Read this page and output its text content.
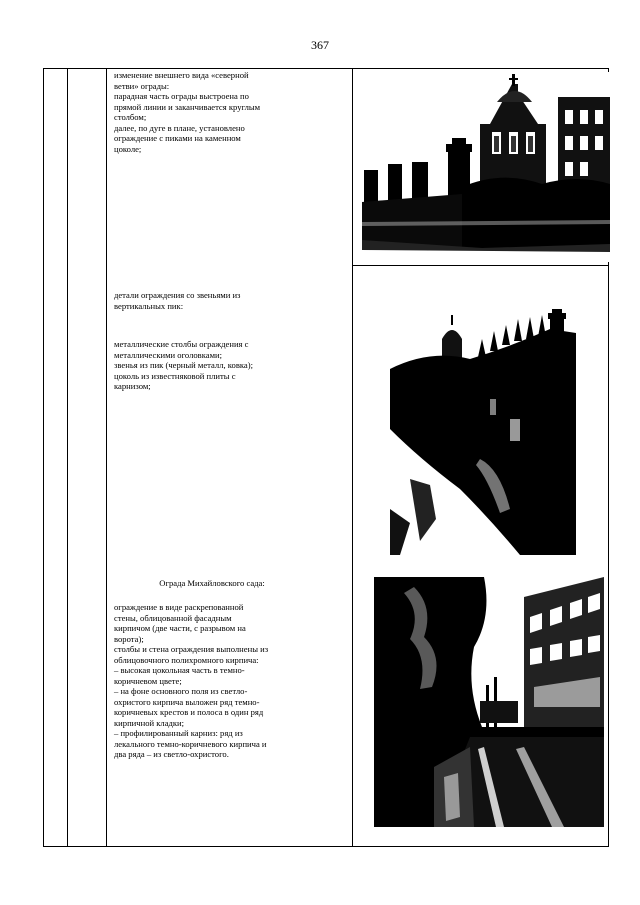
367

изменение внешнего вида «северной

ветви» ограды:

парадная часть ограды выстроена по

прямой линии и заканчивается круглым

столбом;

далее, по дуге в плане, установлено

ограждение с пиками на каменном

цоколе;

детали ограждения со звеньями из

вертикальных пик:

металлические столбы ограждения с

металлическими оголовками;

звенья из пик (черный металл, ковка);

цоколь из известняковой плиты с

карнизом;

Ограда Михайловского сада:

ограждение в виде раскрепованной

стены, облицованной фасадным

кирпичом (две части, с разрывом на

ворота);

столбы и стена ограждения выполнены из

облицовочного полихромного кирпича:

– высокая цокольная часть в темно-

коричневом цвете;

– на фоне основного поля из светло-

охристого кирпича выложен ряд темно-

коричневых крестов и полоса в один ряд

кирпичной кладки;

– профилированный карниз: ряд из

лекального темно-коричневого кирпича и

два ряда – из светло-охристого.
